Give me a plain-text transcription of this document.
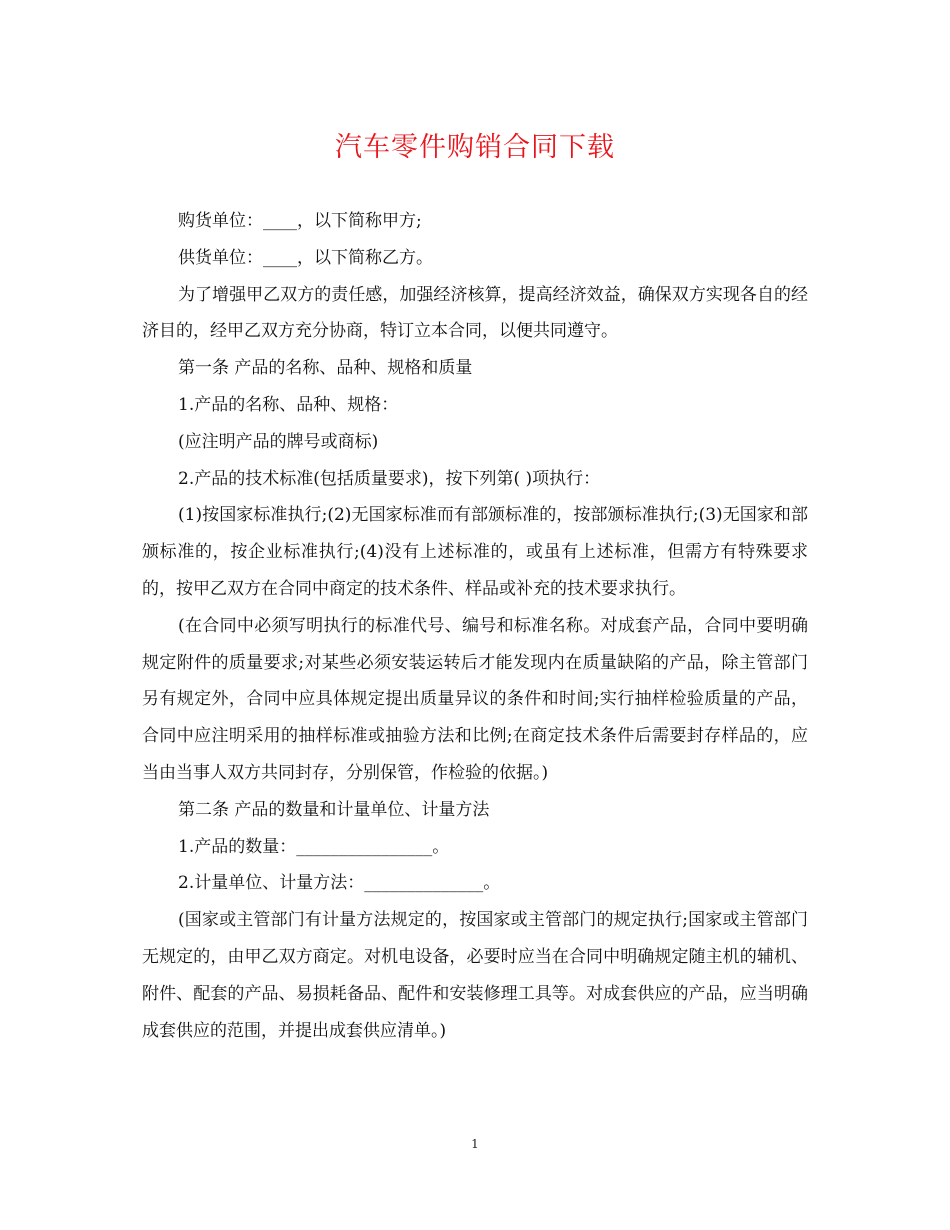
汽车零件购销合同下载

购货单位：____，以下简称甲方;

供货单位：____，以下简称乙方。

为了增强甲乙双方的责任感，加强经济核算，提高经济效益，确保双方实现各自的经济目的，经甲乙双方充分协商，特订立本合同，以便共同遵守。

第一条 产品的名称、品种、规格和质量

1.产品的名称、品种、规格：

(应注明产品的牌号或商标)

2.产品的技术标准(包括质量要求)，按下列第( )项执行：

(1)按国家标准执行;(2)无国家标准而有部颁标准的，按部颁标准执行;(3)无国家和部颁标准的，按企业标准执行;(4)没有上述标准的，或虽有上述标准，但需方有特殊要求的，按甲乙双方在合同中商定的技术条件、样品或补充的技术要求执行。

(在合同中必须写明执行的标准代号、编号和标准名称。对成套产品，合同中要明确规定附件的质量要求;对某些必须安装运转后才能发现内在质量缺陷的产品，除主管部门另有规定外，合同中应具体规定提出质量异议的条件和时间;实行抽样检验质量的产品，合同中应注明采用的抽样标准或抽验方法和比例;在商定技术条件后需要封存样品的，应当由当事人双方共同封存，分别保管，作检验的依据。)

第二条 产品的数量和计量单位、计量方法

1.产品的数量：________________。

2.计量单位、计量方法：______________。

(国家或主管部门有计量方法规定的，按国家或主管部门的规定执行;国家或主管部门无规定的，由甲乙双方商定。对机电设备，必要时应当在合同中明确规定随主机的辅机、附件、配套的产品、易损耗备品、配件和安装修理工具等。对成套供应的产品，应当明确成套供应的范围，并提出成套供应清单。)

1
